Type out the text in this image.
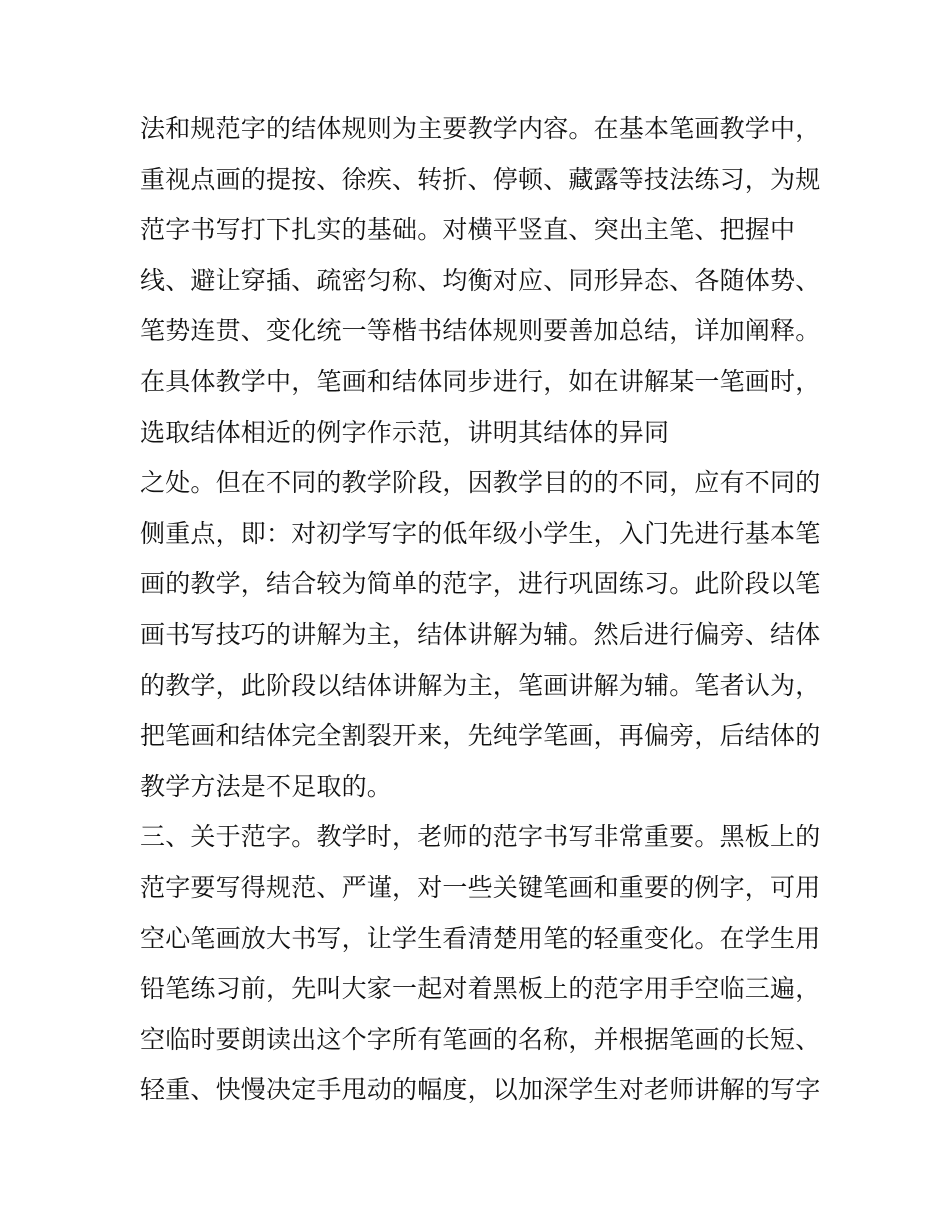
法和规范字的结体规则为主要教学内容。在基本笔画教学中，
重视点画的提按、徐疾、转折、停顿、藏露等技法练习，为规
范字书写打下扎实的基础。对横平竖直、突出主笔、把握中
线、避让穿插、疏密匀称、均衡对应、同形异态、各随体势、
笔势连贯、变化统一等楷书结体规则要善加总结，详加阐释。
在具体教学中，笔画和结体同步进行，如在讲解某一笔画时，
选取结体相近的例字作示范，讲明其结体的异同
之处。但在不同的教学阶段，因教学目的的不同，应有不同的
侧重点，即：对初学写字的低年级小学生，入门先进行基本笔
画的教学，结合较为简单的范字，进行巩固练习。此阶段以笔
画书写技巧的讲解为主，结体讲解为辅。然后进行偏旁、结体
的教学，此阶段以结体讲解为主，笔画讲解为辅。笔者认为，
把笔画和结体完全割裂开来，先纯学笔画，再偏旁，后结体的
教学方法是不足取的。
三、关于范字。教学时，老师的范字书写非常重要。黑板上的
范字要写得规范、严谨，对一些关键笔画和重要的例字，可用
空心笔画放大书写，让学生看清楚用笔的轻重变化。在学生用
铅笔练习前，先叫大家一起对着黑板上的范字用手空临三遍，
空临时要朗读出这个字所有笔画的名称，并根据笔画的长短、
轻重、快慢决定手甩动的幅度，以加深学生对老师讲解的写字
